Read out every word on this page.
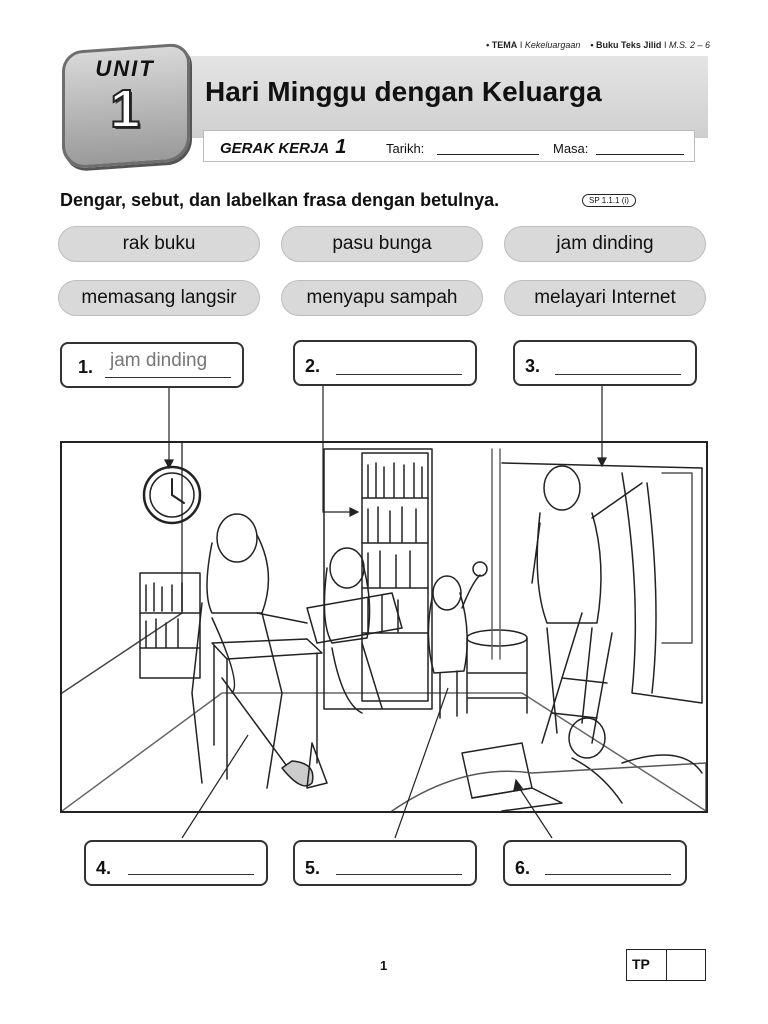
• TEMA I Kekeluargaan • Buku Teks Jilid I M.S. 2 – 6
UNIT
1	Hari Minggu dengan Keluarga
GERAK KERJA 1	Tarikh:	Masa:
Dengar, sebut, dan labelkan frasa dengan betulnya.	SP 1.1.1 (i)
rak buku	pasu bunga	jam dinding
memasang langsir	menyapu sampah	melayari Internet
1. jam dinding	2.	3.
4.	5.	6.
1	TP
